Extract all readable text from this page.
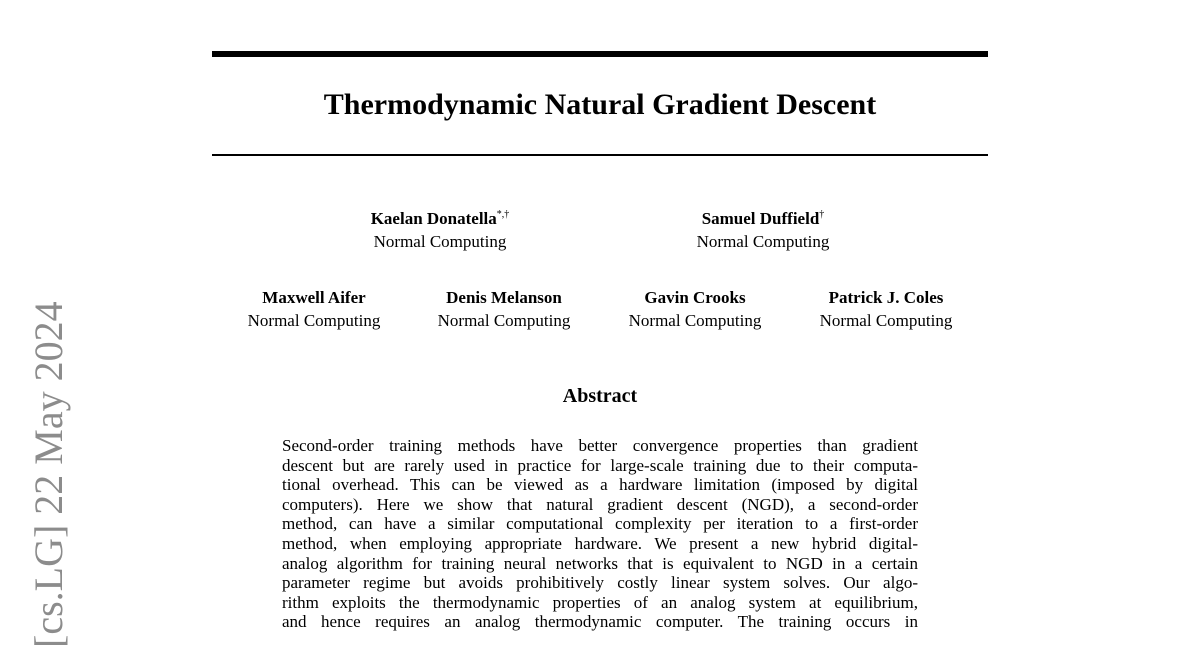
[cs.LG] 22 May 2024
Thermodynamic Natural Gradient Descent
Kaelan Donatella*,†
Normal Computing
Samuel Duffield†
Normal Computing
Maxwell Aifer
Normal Computing
Denis Melanson
Normal Computing
Gavin Crooks
Normal Computing
Patrick J. Coles
Normal Computing
Abstract
Second-order training methods have better convergence properties than gradient
descent but are rarely used in practice for large-scale training due to their computa-
tional overhead. This can be viewed as a hardware limitation (imposed by digital
computers). Here we show that natural gradient descent (NGD), a second-order
method, can have a similar computational complexity per iteration to a first-order
method, when employing appropriate hardware. We present a new hybrid digital-
analog algorithm for training neural networks that is equivalent to NGD in a certain
parameter regime but avoids prohibitively costly linear system solves. Our algo-
rithm exploits the thermodynamic properties of an analog system at equilibrium,
and hence requires an analog thermodynamic computer. The training occurs in
